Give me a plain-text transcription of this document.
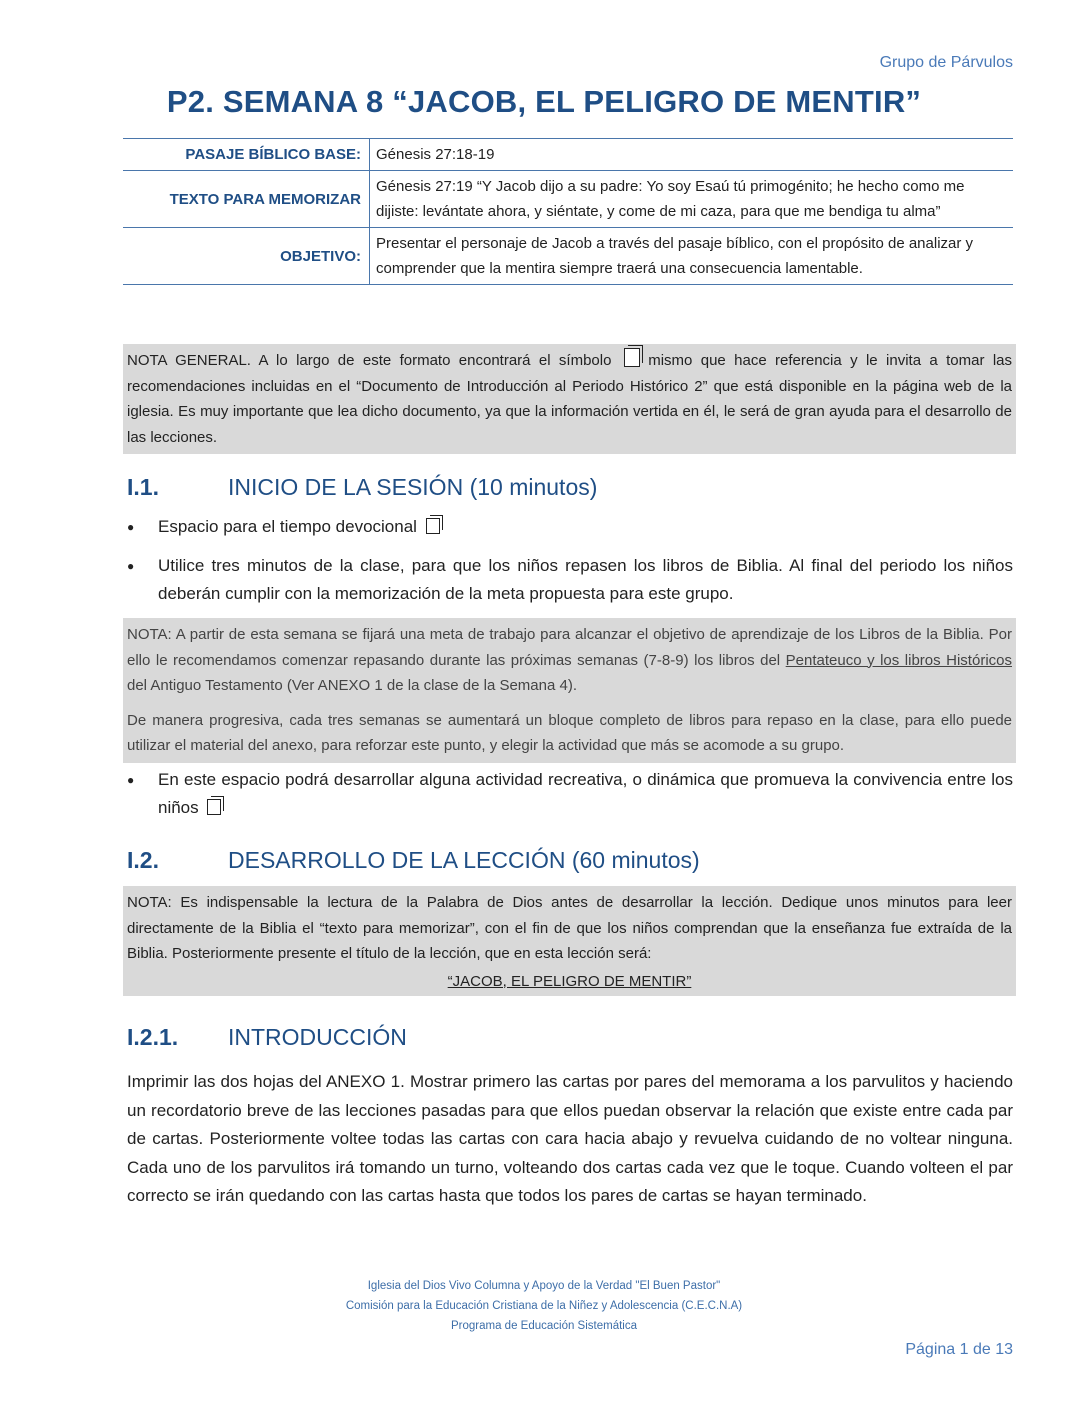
Grupo de Párvulos
P2. SEMANA 8 “JACOB, EL PELIGRO DE MENTIR”
PASAJE BÍBLICO BASE:	Génesis 27:18-19
TEXTO PARA MEMORIZAR	Génesis 27:19 “Y Jacob dijo a su padre: Yo soy Esaú tú primogénito; he hecho como me dijiste: levántate ahora, y siéntate, y come de mi caza, para que me bendiga tu alma”
OBJETIVO:	Presentar el personaje de Jacob a través del pasaje bíblico, con el propósito de analizar y comprender que la mentira siempre traerá una consecuencia lamentable.
NOTA GENERAL. A lo largo de este formato encontrará el símbolo mismo que hace referencia y le invita a tomar las recomendaciones incluidas en el “Documento de Introducción al Periodo Histórico 2” que está disponible en la página web de la iglesia. Es muy importante que lea dicho documento, ya que la información vertida en él, le será de gran ayuda para el desarrollo de las lecciones.
I.1.	INICIO DE LA SESIÓN (10 minutos)
●	Espacio para el tiempo devocional
●	Utilice tres minutos de la clase, para que los niños repasen los libros de Biblia. Al final del periodo los niños deberán cumplir con la memorización de la meta propuesta para este grupo.
NOTA: A partir de esta semana se fijará una meta de trabajo para alcanzar el objetivo de aprendizaje de los Libros de la Biblia. Por ello le recomendamos comenzar repasando durante las próximas semanas (7-8-9) los libros del Pentateuco y los libros Históricos del Antiguo Testamento (Ver ANEXO 1 de la clase de la Semana 4).
De manera progresiva, cada tres semanas se aumentará un bloque completo de libros para repaso en la clase, para ello puede utilizar el material del anexo, para reforzar este punto, y elegir la actividad que más se acomode a su grupo.
●	En este espacio podrá desarrollar alguna actividad recreativa, o dinámica que promueva la convivencia entre los niños
I.2.	DESARROLLO DE LA LECCIÓN (60 minutos)
NOTA: Es indispensable la lectura de la Palabra de Dios antes de desarrollar la lección. Dedique unos minutos para leer directamente de la Biblia el “texto para memorizar”, con el fin de que los niños comprendan que la enseñanza fue extraída de la Biblia. Posteriormente presente el título de la lección, que en esta lección será:
“JACOB, EL PELIGRO DE MENTIR”
I.2.1. INTRODUCCIÓN
Imprimir las dos hojas del ANEXO 1. Mostrar primero las cartas por pares del memorama a los parvulitos y haciendo un recordatorio breve de las lecciones pasadas para que ellos puedan observar la relación que existe entre cada par de cartas. Posteriormente voltee todas las cartas con cara hacia abajo y revuelva cuidando de no voltear ninguna. Cada uno de los parvulitos irá tomando un turno, volteando dos cartas cada vez que le toque. Cuando volteen el par correcto se irán quedando con las cartas hasta que todos los pares de cartas se hayan terminado.
Iglesia del Dios Vivo Columna y Apoyo de la Verdad "El Buen Pastor"
Comisión para la Educación Cristiana de la Niñez y Adolescencia (C.E.C.N.A)
Programa de Educación Sistemática
Página 1 de 13
